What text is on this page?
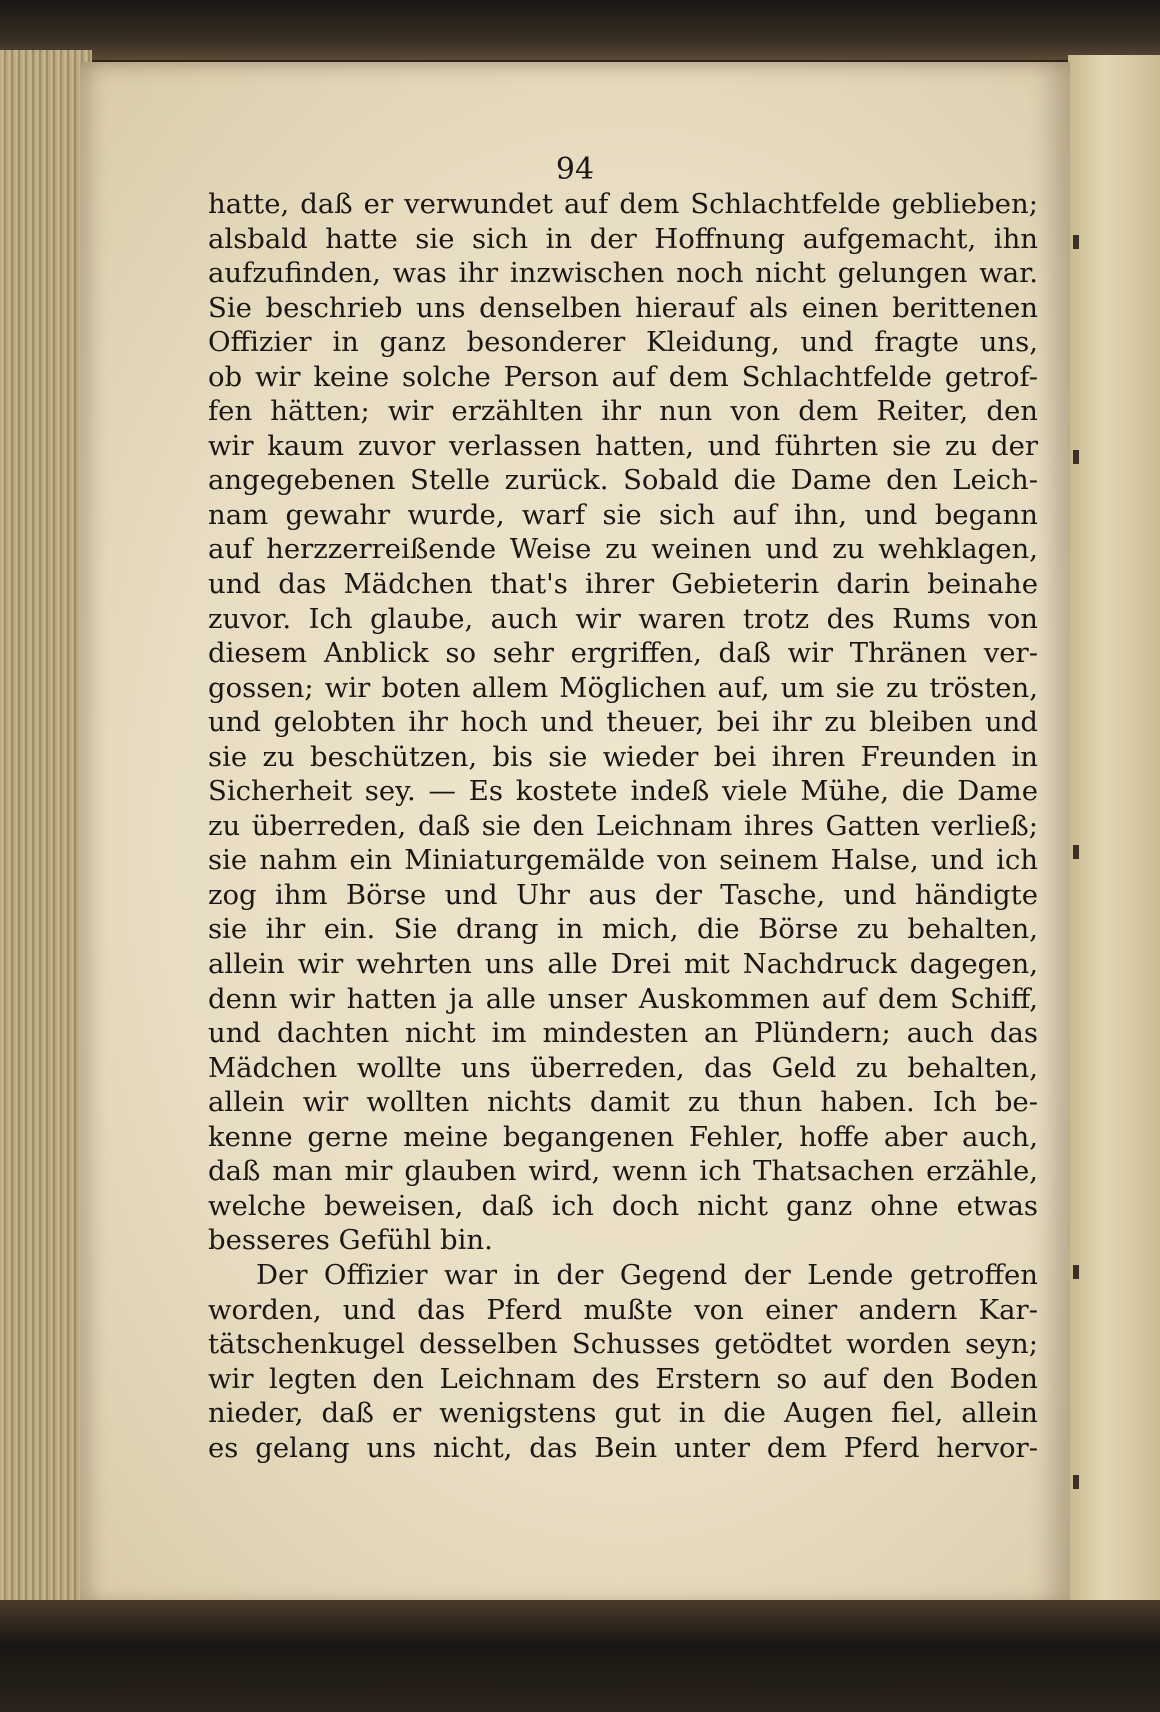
94
hatte, daß er verwundet auf dem Schlachtfelde geblieben;
alsbald hatte sie sich in der Hoffnung aufgemacht, ihn
aufzufinden, was ihr inzwischen noch nicht gelungen war.
Sie beschrieb uns denselben hierauf als einen berittenen
Offizier in ganz besonderer Kleidung, und fragte uns,
ob wir keine solche Person auf dem Schlachtfelde getrof-
fen hätten; wir erzählten ihr nun von dem Reiter, den
wir kaum zuvor verlassen hatten, und führten sie zu der
angegebenen Stelle zurück. Sobald die Dame den Leich-
nam gewahr wurde, warf sie sich auf ihn, und begann
auf herzzerreißende Weise zu weinen und zu wehklagen,
und das Mädchen that's ihrer Gebieterin darin beinahe
zuvor. Ich glaube, auch wir waren trotz des Rums von
diesem Anblick so sehr ergriffen, daß wir Thränen ver-
gossen; wir boten allem Möglichen auf, um sie zu trösten,
und gelobten ihr hoch und theuer, bei ihr zu bleiben und
sie zu beschützen, bis sie wieder bei ihren Freunden in
Sicherheit sey. — Es kostete indeß viele Mühe, die Dame
zu überreden, daß sie den Leichnam ihres Gatten verließ;
sie nahm ein Miniaturgemälde von seinem Halse, und ich
zog ihm Börse und Uhr aus der Tasche, und händigte
sie ihr ein. Sie drang in mich, die Börse zu behalten,
allein wir wehrten uns alle Drei mit Nachdruck dagegen,
denn wir hatten ja alle unser Auskommen auf dem Schiff,
und dachten nicht im mindesten an Plündern; auch das
Mädchen wollte uns überreden, das Geld zu behalten,
allein wir wollten nichts damit zu thun haben. Ich be-
kenne gerne meine begangenen Fehler, hoffe aber auch,
daß man mir glauben wird, wenn ich Thatsachen erzähle,
welche beweisen, daß ich doch nicht ganz ohne etwas
besseres Gefühl bin.
Der Offizier war in der Gegend der Lende getroffen
worden, und das Pferd mußte von einer andern Kar-
tätschenkugel desselben Schusses getödtet worden seyn;
wir legten den Leichnam des Erstern so auf den Boden
nieder, daß er wenigstens gut in die Augen fiel, allein
es gelang uns nicht, das Bein unter dem Pferd hervor-
